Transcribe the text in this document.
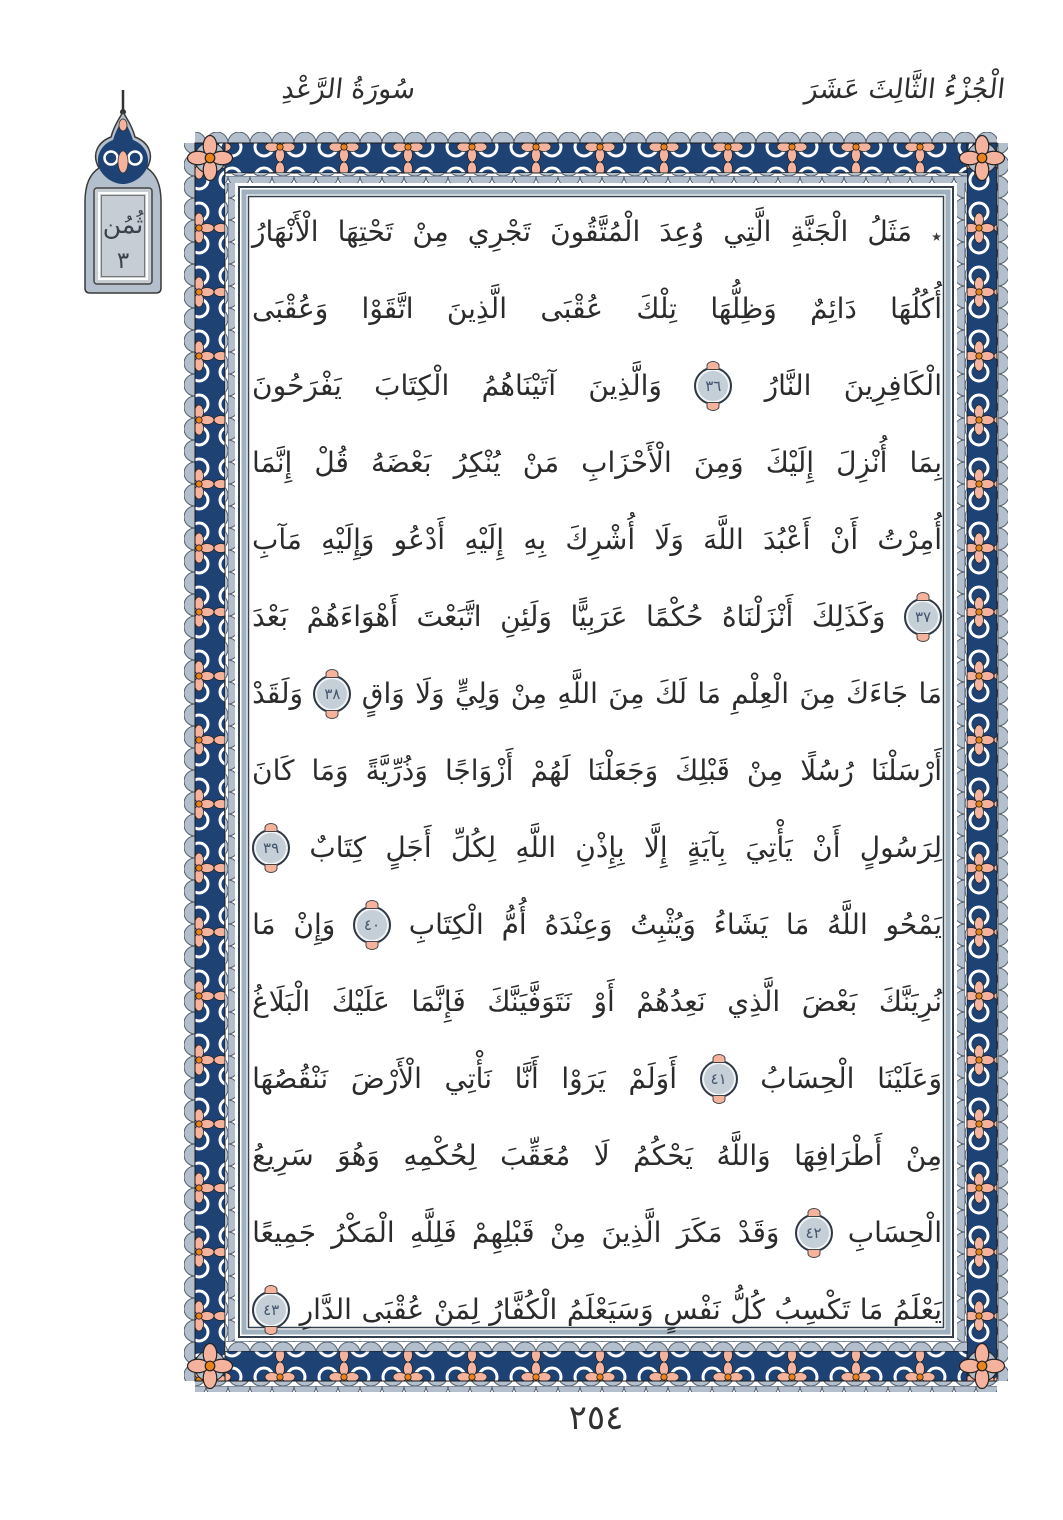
الْجُزْءُ الثَّالِثَ عَشَرَ
سُورَةُ الرَّعْدِ
ثُمُن
٣
٭
مَثَلُ
الْجَنَّةِ
الَّتِي
وُعِدَ
الْمُتَّقُونَ
تَجْرِي
مِنْ
تَحْتِهَا
الْأَنْهَارُ
أُكُلُهَا
دَائِمٌ
وَظِلُّهَا
تِلْكَ
عُقْبَى
الَّذِينَ
اتَّقَوْا
وَعُقْبَى
الْكَافِرِينَ
النَّارُ
٣٦
وَالَّذِينَ
آتَيْنَاهُمُ
الْكِتَابَ
يَفْرَحُونَ
بِمَا
أُنْزِلَ
إِلَيْكَ
وَمِنَ
الْأَحْزَابِ
مَنْ
يُنْكِرُ
بَعْضَهُ
قُلْ
إِنَّمَا
أُمِرْتُ
أَنْ
أَعْبُدَ
اللَّهَ
وَلَا
أُشْرِكَ
بِهِ
إِلَيْهِ
أَدْعُو
وَإِلَيْهِ
مَآبِ
٣٧
وَكَذَلِكَ
أَنْزَلْنَاهُ
حُكْمًا
عَرَبِيًّا
وَلَئِنِ
اتَّبَعْتَ
أَهْوَاءَهُمْ
بَعْدَ
مَا
جَاءَكَ
مِنَ
الْعِلْمِ
مَا
لَكَ
مِنَ
اللَّهِ
مِنْ
وَلِيٍّ
وَلَا
وَاقٍ
٣٨
وَلَقَدْ
أَرْسَلْنَا
رُسُلًا
مِنْ
قَبْلِكَ
وَجَعَلْنَا
لَهُمْ
أَزْوَاجًا
وَذُرِّيَّةً
وَمَا
كَانَ
لِرَسُولٍ
أَنْ
يَأْتِيَ
بِآيَةٍ
إِلَّا
بِإِذْنِ
اللَّهِ
لِكُلِّ
أَجَلٍ
كِتَابٌ
٣٩
يَمْحُو
اللَّهُ
مَا
يَشَاءُ
وَيُثْبِتُ
وَعِنْدَهُ
أُمُّ
الْكِتَابِ
٤٠
وَإِنْ
مَا
نُرِيَنَّكَ
بَعْضَ
الَّذِي
نَعِدُهُمْ
أَوْ
نَتَوَفَّيَنَّكَ
فَإِنَّمَا
عَلَيْكَ
الْبَلَاغُ
وَعَلَيْنَا
الْحِسَابُ
٤١
أَوَلَمْ
يَرَوْا
أَنَّا
نَأْتِي
الْأَرْضَ
نَنْقُصُهَا
مِنْ
أَطْرَافِهَا
وَاللَّهُ
يَحْكُمُ
لَا
مُعَقِّبَ
لِحُكْمِهِ
وَهُوَ
سَرِيعُ
الْحِسَابِ
٤٢
وَقَدْ
مَكَرَ
الَّذِينَ
مِنْ
قَبْلِهِمْ
فَلِلَّهِ
الْمَكْرُ
جَمِيعًا
يَعْلَمُ
مَا
تَكْسِبُ
كُلُّ
نَفْسٍ
وَسَيَعْلَمُ
الْكُفَّارُ
لِمَنْ
عُقْبَى
الدَّارِ
٤٣
٢٥٤
